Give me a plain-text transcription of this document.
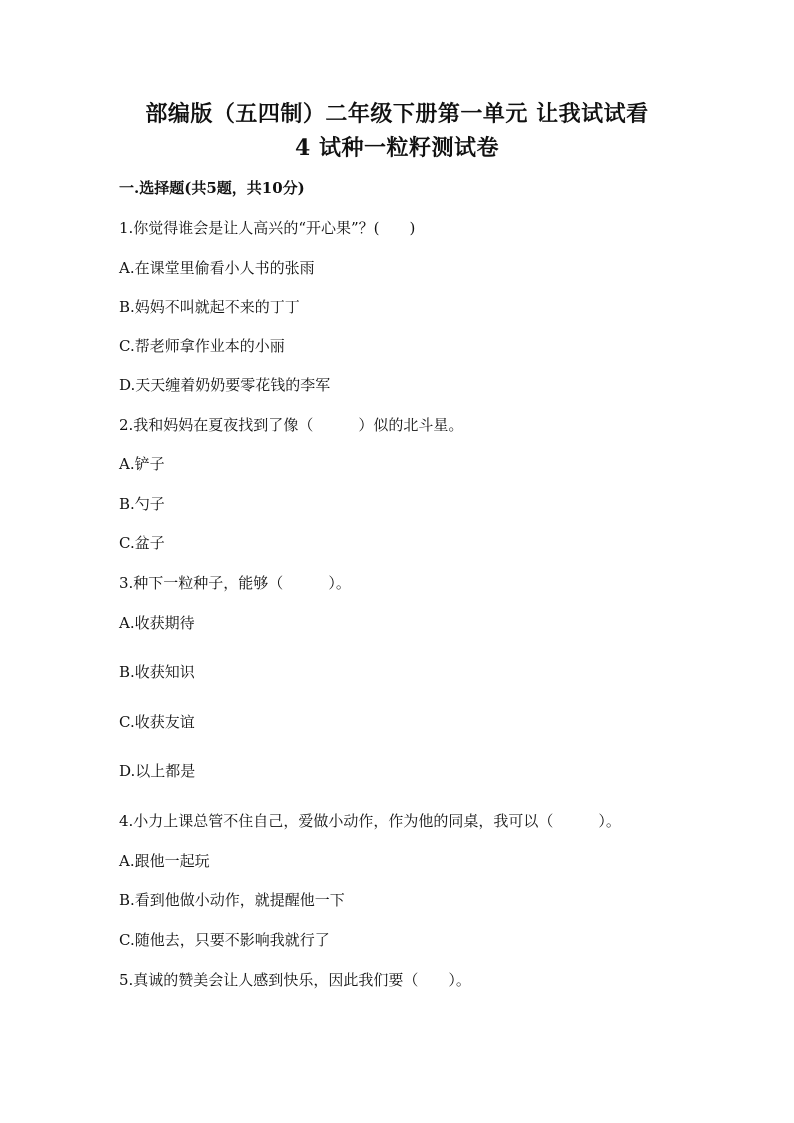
部编版（五四制）二年级下册第一单元 让我试试看
4 试种一粒籽测试卷
一.选择题(共5题，共10分)
1.你觉得谁会是让人高兴的“开心果”？(　　)
A.在课堂里偷看小人书的张雨
B.妈妈不叫就起不来的丁丁
C.帮老师拿作业本的小丽
D.天天缠着奶奶要零花钱的李军
2.我和妈妈在夏夜找到了像（　　　）似的北斗星。
A.铲子
B.勺子
C.盆子
3.种下一粒种子，能够（　　　）。
A.收获期待
B.收获知识
C.收获友谊
D.以上都是
4.小力上课总管不住自己，爱做小动作，作为他的同桌，我可以（　　　）。
A.跟他一起玩
B.看到他做小动作，就提醒他一下
C.随他去，只要不影响我就行了
5.真诚的赞美会让人感到快乐，因此我们要（　　）。
